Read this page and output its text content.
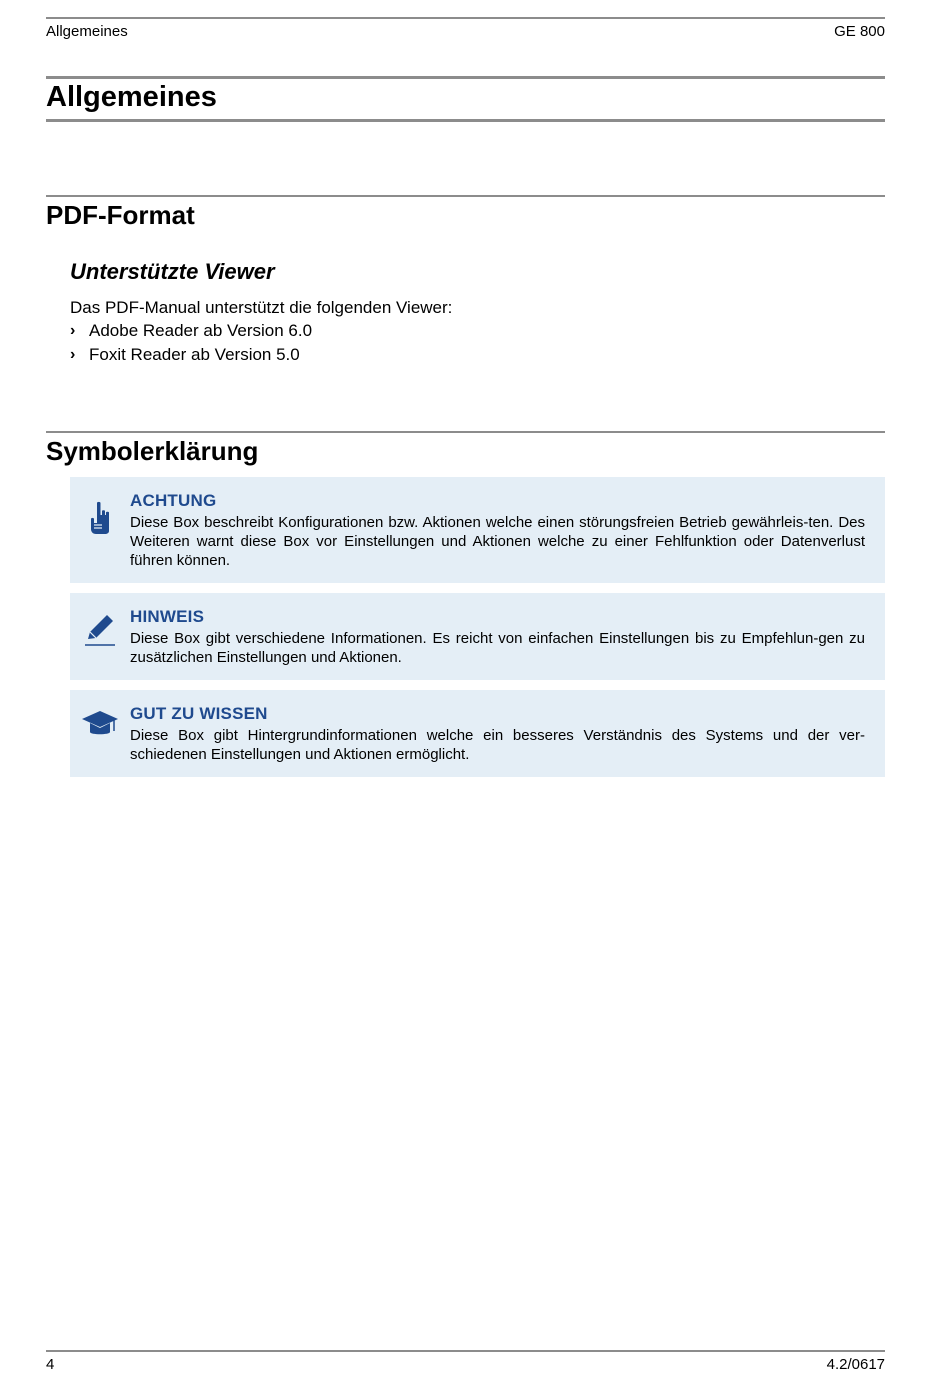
Allgemeines	GE 800
Allgemeines
PDF-Format
Unterstützte Viewer
Das PDF-Manual unterstützt die folgenden Viewer:
› Adobe Reader ab Version 6.0
› Foxit Reader ab Version 5.0
Symbolerklärung
ACHTUNG
Diese Box beschreibt Konfigurationen bzw. Aktionen welche einen störungsfreien Betrieb gewährleis-ten. Des Weiteren warnt diese Box vor Einstellungen und Aktionen welche zu einer Fehlfunktion oder Datenverlust führen können.
HINWEIS
Diese Box gibt verschiedene Informationen. Es reicht von einfachen Einstellungen bis zu Empfehlun-gen zu zusätzlichen Einstellungen und Aktionen.
GUT ZU WISSEN
Diese Box gibt Hintergrundinformationen welche ein besseres Verständnis des Systems und der ver-schiedenen Einstellungen und Aktionen ermöglicht.
4	4.2/0617
